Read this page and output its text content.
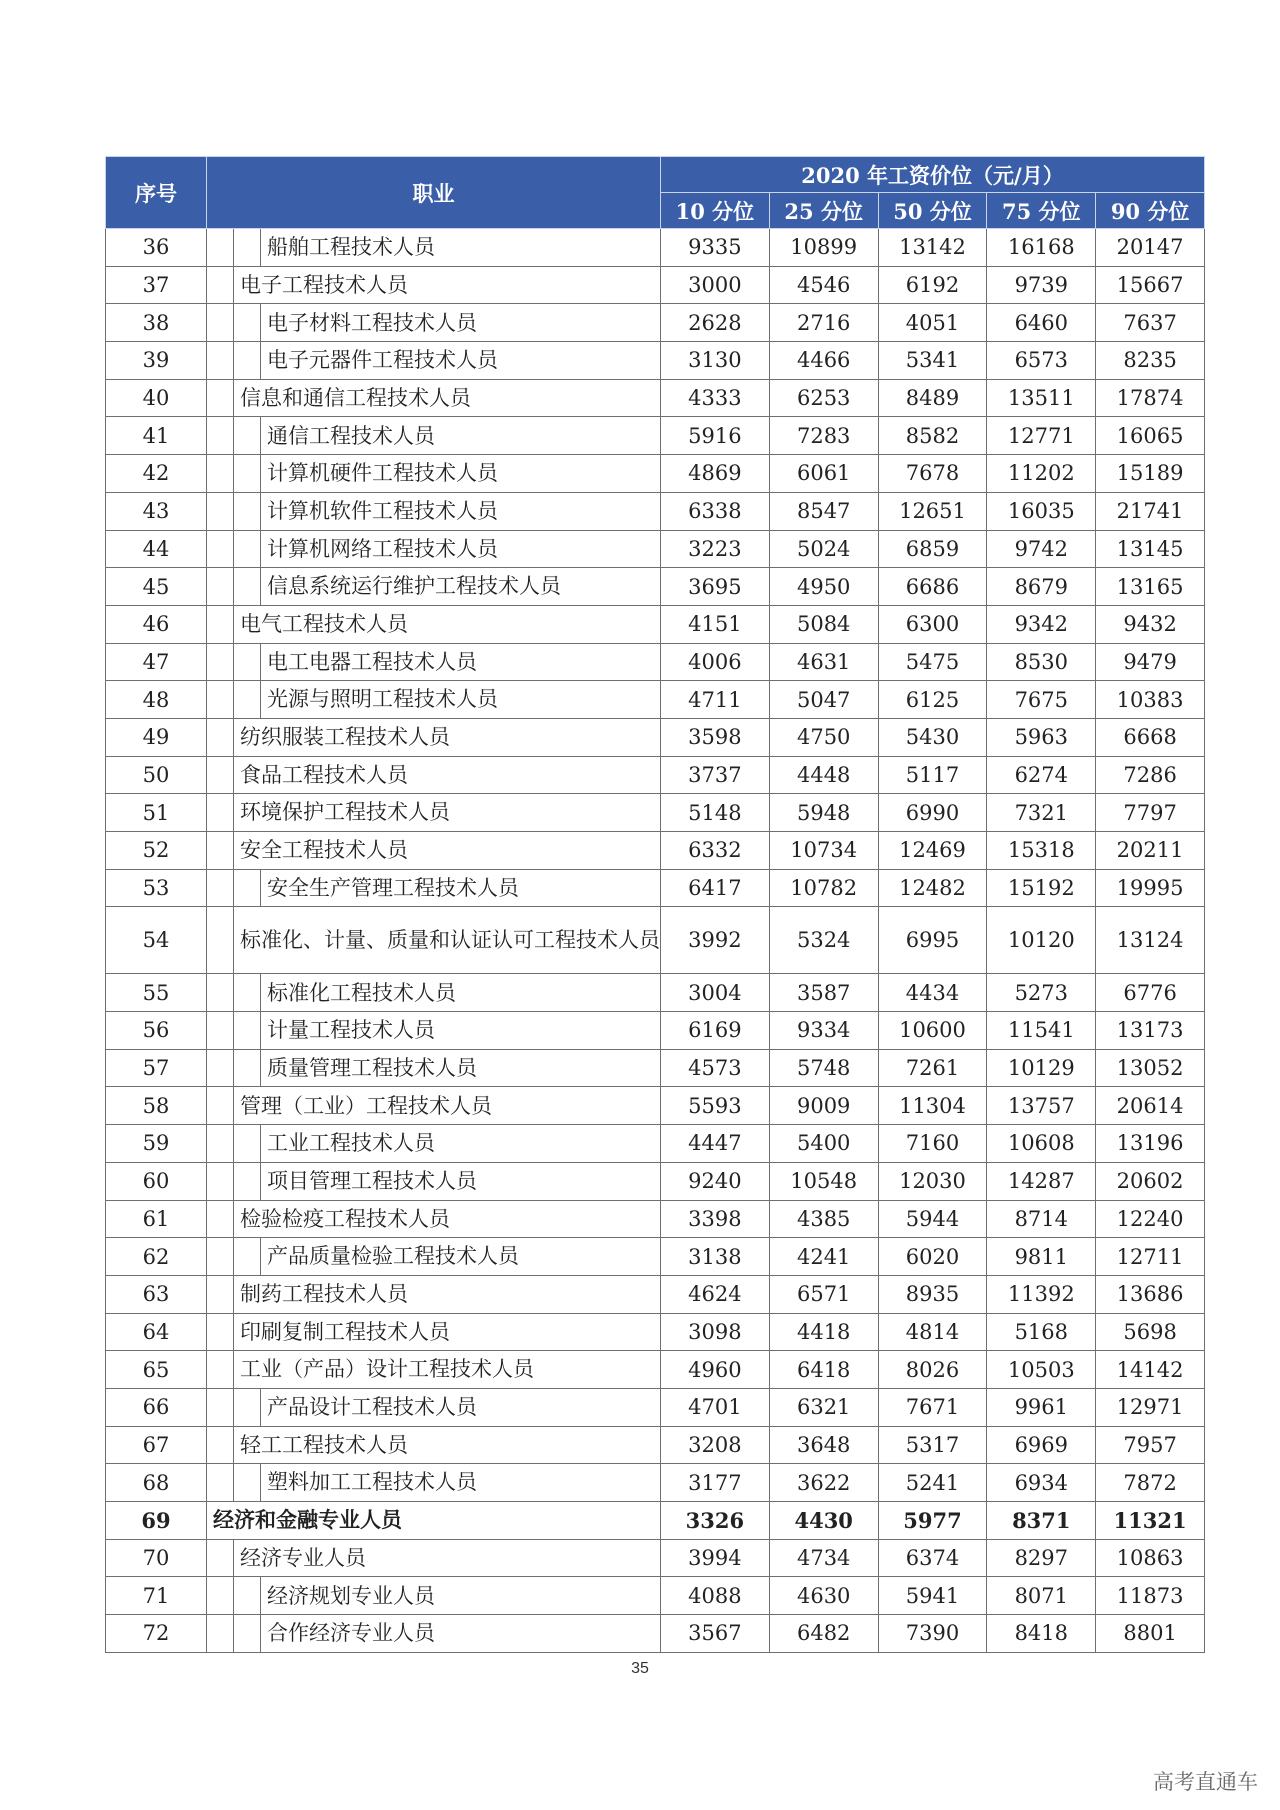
序号	职业			2020 年工资价位（元/月）				
				10 分位	25 分位	50 分位	75 分位	90 分位
36			船舶工程技术人员	9335	10899	13142	16168	20147
37		电子工程技术人员		3000	4546	6192	9739	15667
38			电子材料工程技术人员	2628	2716	4051	6460	7637
39			电子元器件工程技术人员	3130	4466	5341	6573	8235
40		信息和通信工程技术人员		4333	6253	8489	13511	17874
41			通信工程技术人员	5916	7283	8582	12771	16065
42			计算机硬件工程技术人员	4869	6061	7678	11202	15189
43			计算机软件工程技术人员	6338	8547	12651	16035	21741
44			计算机网络工程技术人员	3223	5024	6859	9742	13145
45			信息系统运行维护工程技术人员	3695	4950	6686	8679	13165
46		电气工程技术人员		4151	5084	6300	9342	9432
47			电工电器工程技术人员	4006	4631	5475	8530	9479
48			光源与照明工程技术人员	4711	5047	6125	7675	10383
49		纺织服装工程技术人员		3598	4750	5430	5963	6668
50		食品工程技术人员		3737	4448	5117	6274	7286
51		环境保护工程技术人员		5148	5948	6990	7321	7797
52		安全工程技术人员		6332	10734	12469	15318	20211
53			安全生产管理工程技术人员	6417	10782	12482	15192	19995
54		标准化、计量、质量和认证认可工程技术人员		3992	5324	6995	10120	13124
55			标准化工程技术人员	3004	3587	4434	5273	6776
56			计量工程技术人员	6169	9334	10600	11541	13173
57			质量管理工程技术人员	4573	5748	7261	10129	13052
58		管理（工业）工程技术人员		5593	9009	11304	13757	20614
59			工业工程技术人员	4447	5400	7160	10608	13196
60			项目管理工程技术人员	9240	10548	12030	14287	20602
61		检验检疫工程技术人员		3398	4385	5944	8714	12240
62			产品质量检验工程技术人员	3138	4241	6020	9811	12711
63		制药工程技术人员		4624	6571	8935	11392	13686
64		印刷复制工程技术人员		3098	4418	4814	5168	5698
65		工业（产品）设计工程技术人员		4960	6418	8026	10503	14142
66			产品设计工程技术人员	4701	6321	7671	9961	12971
67		轻工工程技术人员		3208	3648	5317	6969	7957
68			塑料加工工程技术人员	3177	3622	5241	6934	7872
69	经济和金融专业人员			3326	4430	5977	8371	11321
70		经济专业人员		3994	4734	6374	8297	10863
71			经济规划专业人员	4088	4630	5941	8071	11873
72			合作经济专业人员	3567	6482	7390	8418	8801
35
高考直通车
